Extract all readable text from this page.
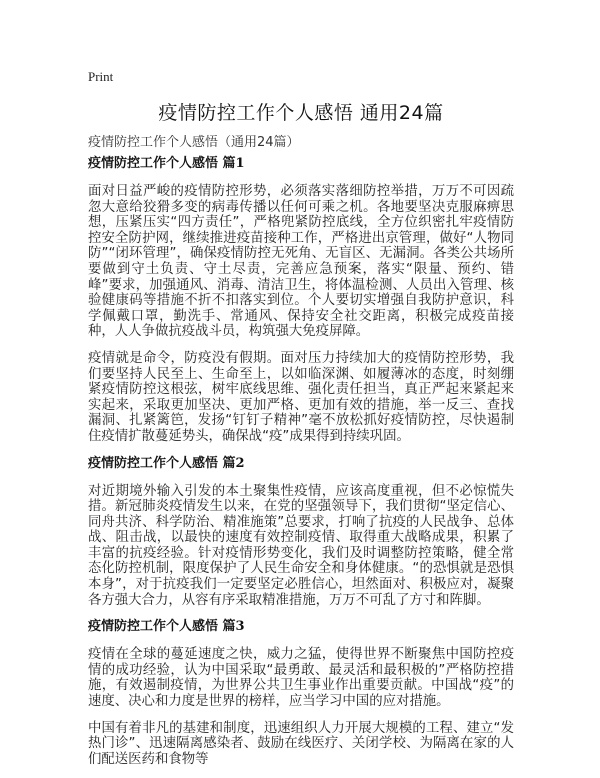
Print
疫情防控工作个人感悟 通用24篇
疫情防控工作个人感悟（通用24篇）
疫情防控工作个人感悟 篇1

面对日益严峻的疫情防控形势，必须落实落细防控举措，万万不可因疏忽大意给狡猾多变的病毒传播以任何可乘之机。各地要坚决克服麻痹思想，压紧压实“四方责任”，严格兜紧防控底线，全方位织密扎牢疫情防控安全防护网，继续推进疫苗接种工作，严格进出京管理，做好“人物同防”“闭环管理”，确保疫情防控无死角、无盲区、无漏洞。各类公共场所要做到守土负责、守土尽责，完善应急预案，落实“限量、预约、错峰”要求，加强通风、消毒、清洁卫生，将体温检测、人员出入管理、核验健康码等措施不折不扣落实到位。个人要切实增强自我防护意识，科学佩戴口罩，勤洗手、常通风、保持安全社交距离，积极完成疫苗接种，人人争做抗疫战斗员，构筑强大免疫屏障。

疫情就是命令，防疫没有假期。面对压力持续加大的疫情防控形势，我们要坚持人民至上、生命至上，以如临深渊、如履薄冰的态度，时刻绷紧疫情防控这根弦，树牢底线思维、强化责任担当，真正严起来紧起来实起来，采取更加坚决、更加严格、更加有效的措施，举一反三、查找漏洞、扎紧篱笆，发扬“钉钉子精神”毫不放松抓好疫情防控，尽快遏制住疫情扩散蔓延势头，确保战“疫”成果得到持续巩固。

疫情防控工作个人感悟 篇2

对近期境外输入引发的本土聚集性疫情，应该高度重视，但不必惊慌失措。新冠肺炎疫情发生以来，在党的坚强领导下，我们贯彻“坚定信心、同舟共济、科学防治、精准施策”总要求，打响了抗疫的人民战争、总体战、阻击战，以最快的速度有效控制疫情、取得重大战略成果，积累了丰富的抗疫经验。针对疫情形势变化，我们及时调整防控策略，健全常态化防控机制，限度保护了人民生命安全和身体健康。“的恐惧就是恐惧本身”，对于抗疫我们一定要坚定必胜信心，坦然面对、积极应对，凝聚各方强大合力，从容有序采取精准措施，万万不可乱了方寸和阵脚。

疫情防控工作个人感悟 篇3

疫情在全球的蔓延速度之快，威力之猛，使得世界不断聚焦中国防控疫情的成功经验，认为中国采取“最勇敢、最灵活和最积极的”严格防控措施，有效遏制疫情，为世界公共卫生事业作出重要贡献。中国战“疫”的速度、决心和力度是世界的榜样，应当学习中国的应对措施。

中国有着非凡的基建和制度，迅速组织人力开展大规模的工程、建立“发热门诊”、迅速隔离感染者、鼓励在线医疗、关闭学校、为隔离在家的人们配送医药和食物等
